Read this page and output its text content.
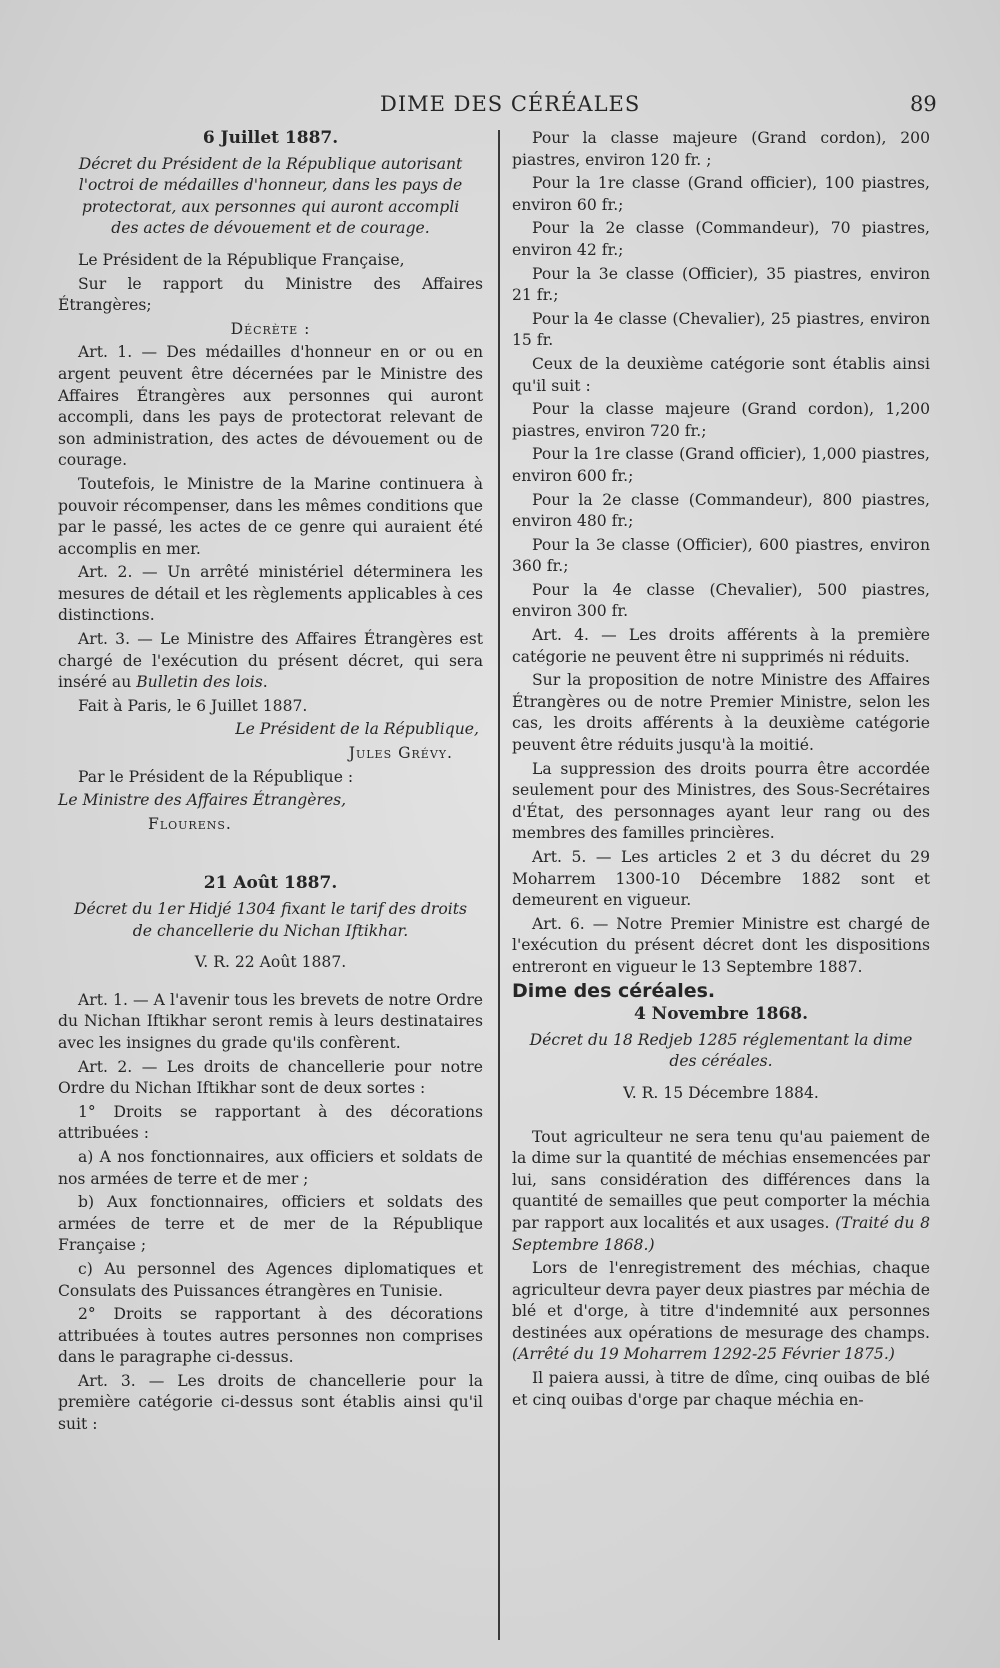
DIME DES CÉRÉALES	89

6 Juillet 1887.

Décret du Président de la République autorisant l'octroi de médailles d'honneur, dans les pays de protectorat, aux personnes qui auront accompli des actes de dévouement et de courage.

Le Président de la République Française,

Sur le rapport du Ministre des Affaires Étrangères;

Décrète :

Art. 1. — Des médailles d'honneur en or ou en argent peuvent être décernées par le Ministre des Affaires Étrangères aux personnes qui auront accompli, dans les pays de protectorat relevant de son administration, des actes de dévouement ou de courage.

Toutefois, le Ministre de la Marine continuera à pouvoir récompenser, dans les mêmes conditions que par le passé, les actes de ce genre qui auraient été accomplis en mer.

Art. 2. — Un arrêté ministériel déterminera les mesures de détail et les règlements applicables à ces distinctions.

Art. 3. — Le Ministre des Affaires Étrangères est chargé de l'exécution du présent décret, qui sera inséré au Bulletin des lois.

Fait à Paris, le 6 Juillet 1887.

Le Président de la République,

Jules Grévy.

Par le Président de la République :

Le Ministre des Affaires Étrangères,

Flourens.

21 Août 1887.

Décret du 1er Hidjé 1304 fixant le tarif des droits de chancellerie du Nichan Iftikhar.

V. R. 22 Août 1887.

Art. 1. — A l'avenir tous les brevets de notre Ordre du Nichan Iftikhar seront remis à leurs destinataires avec les insignes du grade qu'ils confèrent.

Art. 2. — Les droits de chancellerie pour notre Ordre du Nichan Iftikhar sont de deux sortes :

1° Droits se rapportant à des décorations attribuées :

a) A nos fonctionnaires, aux officiers et soldats de nos armées de terre et de mer ;

b) Aux fonctionnaires, officiers et soldats des armées de terre et de mer de la République Française ;

c) Au personnel des Agences diplomatiques et Consulats des Puissances étrangères en Tunisie.

2° Droits se rapportant à des décorations attribuées à toutes autres personnes non comprises dans le paragraphe ci-dessus.

Art. 3. — Les droits de chancellerie pour la première catégorie ci-dessus sont établis ainsi qu'il suit :

Pour la classe majeure (Grand cordon), 200 piastres, environ 120 fr. ;

Pour la 1re classe (Grand officier), 100 piastres, environ 60 fr.;

Pour la 2e classe (Commandeur), 70 piastres, environ 42 fr.;

Pour la 3e classe (Officier), 35 piastres, environ 21 fr.;

Pour la 4e classe (Chevalier), 25 piastres, environ 15 fr.

Ceux de la deuxième catégorie sont établis ainsi qu'il suit :

Pour la classe majeure (Grand cordon), 1,200 piastres, environ 720 fr.;

Pour la 1re classe (Grand officier), 1,000 piastres, environ 600 fr.;

Pour la 2e classe (Commandeur), 800 piastres, environ 480 fr.;

Pour la 3e classe (Officier), 600 piastres, environ 360 fr.;

Pour la 4e classe (Chevalier), 500 piastres, environ 300 fr.

Art. 4. — Les droits afférents à la première catégorie ne peuvent être ni supprimés ni réduits.

Sur la proposition de notre Ministre des Affaires Étrangères ou de notre Premier Ministre, selon les cas, les droits afférents à la deuxième catégorie peuvent être réduits jusqu'à la moitié.

La suppression des droits pourra être accordée seulement pour des Ministres, des Sous-Secrétaires d'État, des personnages ayant leur rang ou des membres des familles princières.

Art. 5. — Les articles 2 et 3 du décret du 29 Moharrem 1300-10 Décembre 1882 sont et demeurent en vigueur.

Art. 6. — Notre Premier Ministre est chargé de l'exécution du présent décret dont les dispositions entreront en vigueur le 13 Septembre 1887.

Dime des céréales.

4 Novembre 1868.

Décret du 18 Redjeb 1285 réglementant la dime des céréales.

V. R. 15 Décembre 1884.

Tout agriculteur ne sera tenu qu'au paiement de la dime sur la quantité de méchias ensemencées par lui, sans considération des différences dans la quantité de semailles que peut comporter la méchia par rapport aux localités et aux usages. (Traité du 8 Septembre 1868.)

Lors de l'enregistrement des méchias, chaque agriculteur devra payer deux piastres par méchia de blé et d'orge, à titre d'indemnité aux personnes destinées aux opérations de mesurage des champs. (Arrêté du 19 Moharrem 1292-25 Février 1875.)

Il paiera aussi, à titre de dîme, cinq ouibas de blé et cinq ouibas d'orge par chaque méchia en-
